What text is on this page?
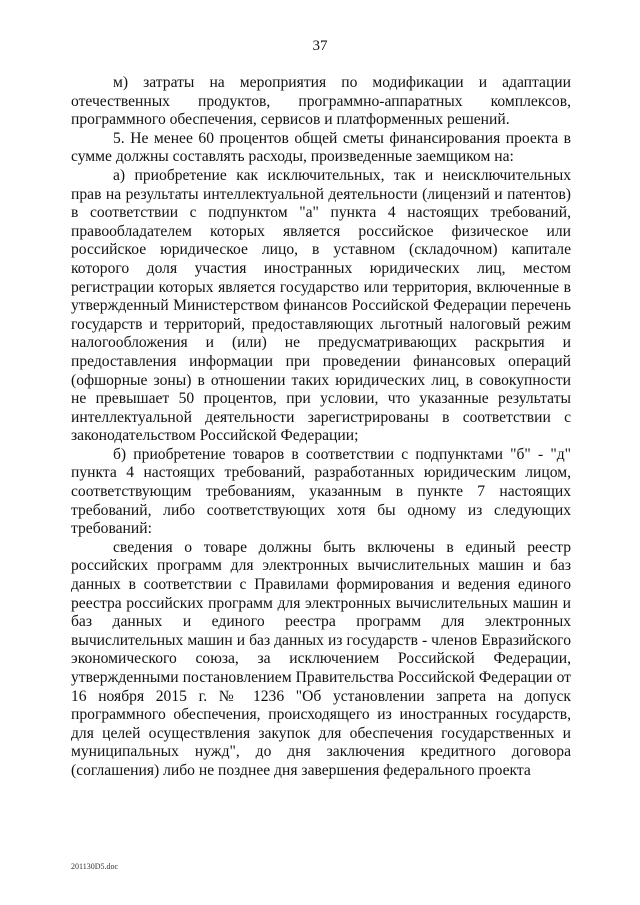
37

м) затраты на мероприятия по модификации и адаптации отечественных продуктов, программно-аппаратных комплексов, программного обеспечения, сервисов и платформенных решений.

5. Не менее 60 процентов общей сметы финансирования проекта в сумме должны составлять расходы, произведенные заемщиком на:

а) приобретение как исключительных, так и неисключительных прав на результаты интеллектуальной деятельности (лицензий и патентов) в соответствии с подпунктом "а" пункта 4 настоящих требований, правообладателем которых является российское физическое или российское юридическое лицо, в уставном (складочном) капитале которого доля участия иностранных юридических лиц, местом регистрации которых является государство или территория, включенные в утвержденный Министерством финансов Российской Федерации перечень государств и территорий, предоставляющих льготный налоговый режим налогообложения и (или) не предусматривающих раскрытия и предоставления информации при проведении финансовых операций (офшорные зоны) в отношении таких юридических лиц, в совокупности не превышает 50 процентов, при условии, что указанные результаты интеллектуальной деятельности зарегистрированы в соответствии с законодательством Российской Федерации;

б) приобретение товаров в соответствии с подпунктами "б" - "д" пункта 4 настоящих требований, разработанных юридическим лицом, соответствующим требованиям, указанным в пункте 7 настоящих требований, либо соответствующих хотя бы одному из следующих требований:

сведения о товаре должны быть включены в единый реестр российских программ для электронных вычислительных машин и баз данных в соответствии с Правилами формирования и ведения единого реестра российских программ для электронных вычислительных машин и баз данных и единого реестра программ для электронных вычислительных машин и баз данных из государств - членов Евразийского экономического союза, за исключением Российской Федерации, утвержденными постановлением Правительства Российской Федерации от 16 ноября 2015 г. № 1236 "Об установлении запрета на допуск программного обеспечения, происходящего из иностранных государств, для целей осуществления закупок для обеспечения государственных и муниципальных нужд", до дня заключения кредитного договора (соглашения) либо не позднее дня завершения федерального проекта

201130D5.doc
